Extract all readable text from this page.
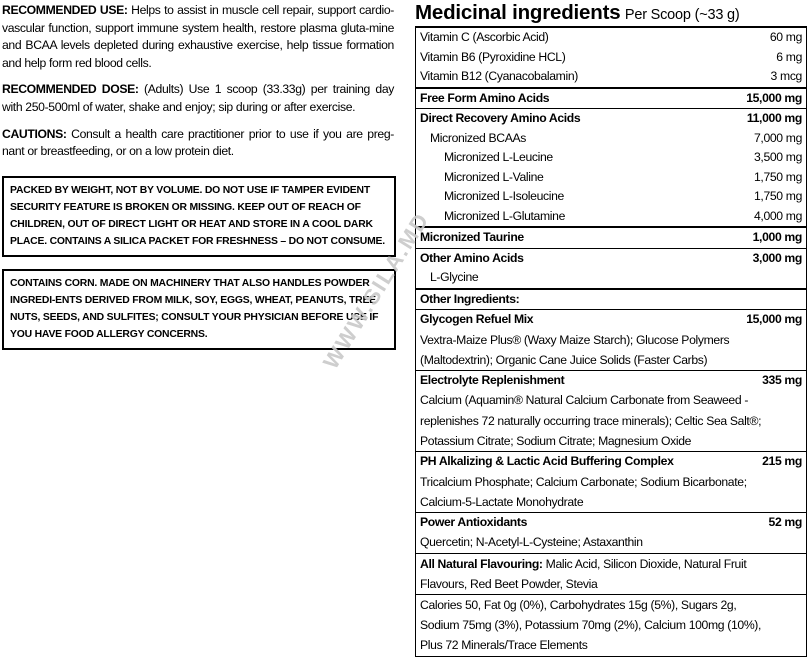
RECOMMENDED USE: Helps to assist in muscle cell repair, support cardio-vascular function, support immune system health, restore plasma gluta-mine and BCAA levels depleted during exhaustive exercise, help tissue formation and help form red blood cells.

RECOMMENDED DOSE: (Adults) Use 1 scoop (33.33g) per training day with 250-500ml of water, shake and enjoy; sip during or after exercise.

CAUTIONS: Consult a health care practitioner prior to use if you are preg-nant or breastfeeding, or on a low protein diet.

PACKED BY WEIGHT, NOT BY VOLUME. DO NOT USE IF TAMPER EVIDENT SECURITY FEATURE IS BROKEN OR MISSING. KEEP OUT OF REACH OF CHILDREN, OUT OF DIRECT LIGHT OR HEAT AND STORE IN A COOL DARK PLACE. CONTAINS A SILICA PACKET FOR FRESHNESS – DO NOT CONSUME.
CONTAINS CORN. MADE ON MACHINERY THAT ALSO HANDLES POWDER INGREDI-ENTS DERIVED FROM MILK, SOY, EGGS, WHEAT, PEANUTS, TREE NUTS, SEEDS, AND SULFITES; CONSULT YOUR PHYSICIAN BEFORE USE IF YOU HAVE FOOD ALLERGY CONCERNS.
Medicinal ingredients Per Scoop (~33 g)
Vitamin C (Ascorbic Acid)	60 mg
Vitamin B6 (Pyroxidine HCL)	6 mg
Vitamin B12 (Cyanacobalamin)	3 mcg
Free Form Amino Acids	15,000 mg
Direct Recovery Amino Acids	11,000 mg
Micronized BCAAs	7,000 mg
Micronized L-Leucine	3,500 mg
Micronized L-Valine	1,750 mg
Micronized L-Isoleucine	1,750 mg
Micronized L-Glutamine	4,000 mg
Micronized Taurine	1,000 mg
Other Amino Acids	3,000 mg
L-Glycine
Other Ingredients:
Glycogen Refuel Mix	15,000 mg
Vextra-Maize Plus® (Waxy Maize Starch); Glucose Polymers
(Maltodextrin); Organic Cane Juice Solids (Faster Carbs)
Electrolyte Replenishment	335 mg
Calcium (Aquamin® Natural Calcium Carbonate from Seaweed -
replenishes 72 naturally occurring trace minerals); Celtic Sea Salt®;
Potassium Citrate; Sodium Citrate; Magnesium Oxide
PH Alkalizing & Lactic Acid Buffering Complex	215 mg
Tricalcium Phosphate; Calcium Carbonate; Sodium Bicarbonate;
Calcium-5-Lactate Monohydrate
Power Antioxidants	52 mg
Quercetin; N-Acetyl-L-Cysteine; Astaxanthin
All Natural Flavouring: Malic Acid, Silicon Dioxide, Natural Fruit
Flavours, Red Beet Powder, Stevia
Calories 50, Fat 0g (0%), Carbohydrates 15g (5%), Sugars 2g,
Sodium 75mg (3%), Potassium 70mg (2%), Calcium 100mg (10%),
Plus 72 Minerals/Trace Elements
WWW.SILA.MD
